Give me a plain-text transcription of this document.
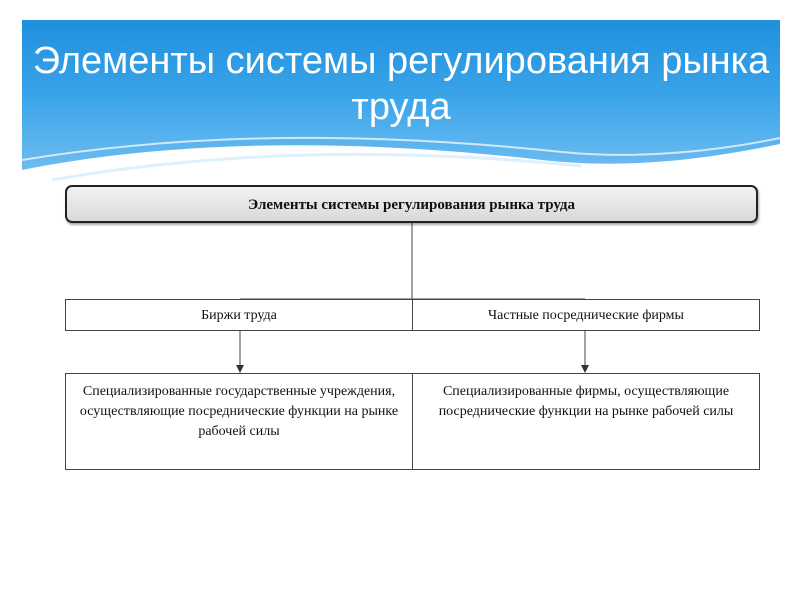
Элементы системы регулирования рынка труда
Элементы системы регулирования рынка труда
Биржи труда	Частные посреднические фирмы
Специализированные государственные учреждения, осуществляющие посреднические функции на рынке рабочей силы
Специализированные фирмы, осуществляющие посреднические функции на рынке рабочей силы
